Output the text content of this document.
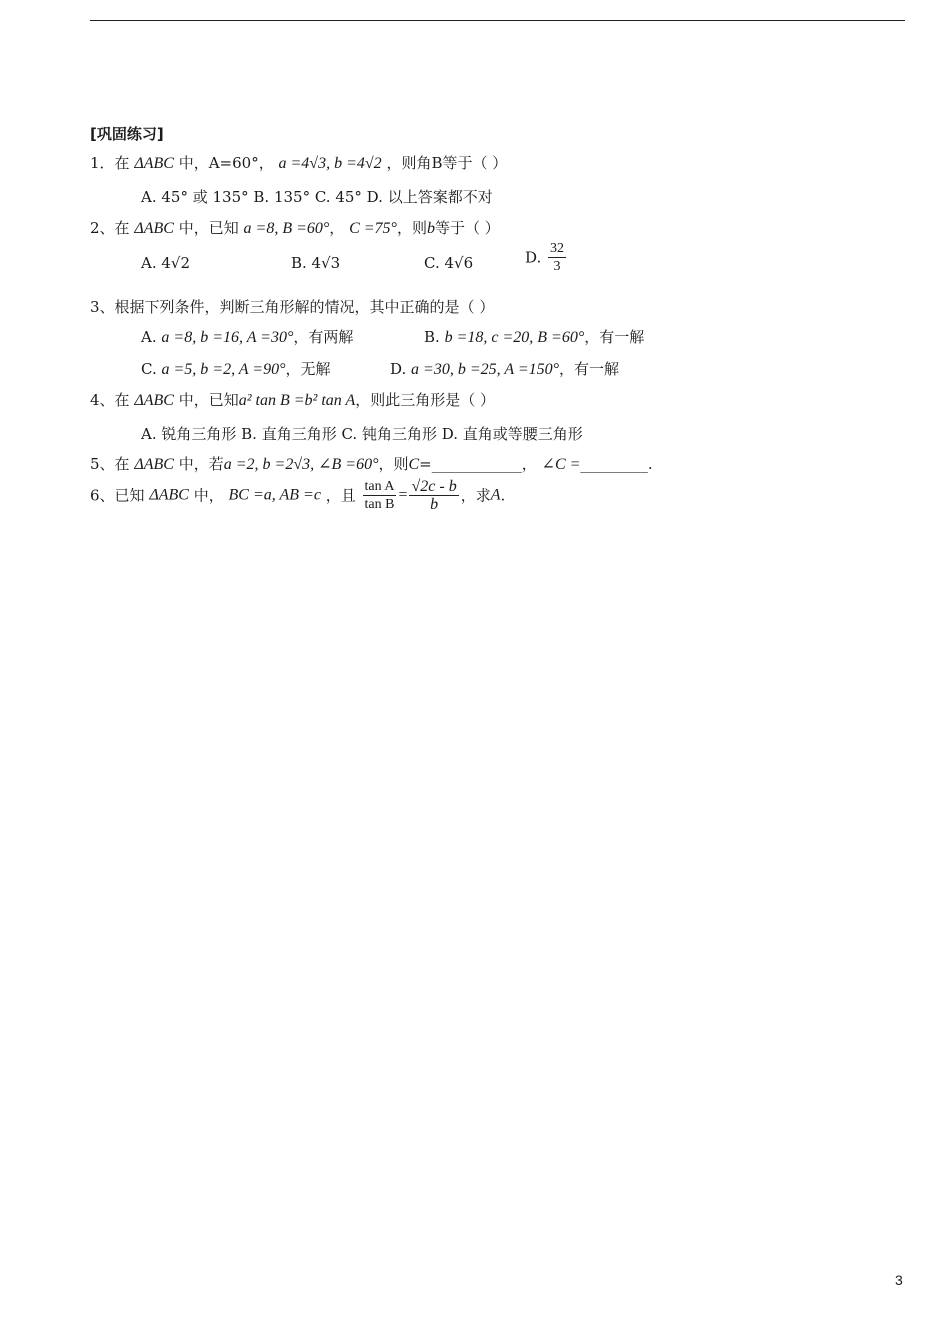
[巩固练习]
1．在 ΔABC 中，A=60°， a =4√3, b =4√2 ，则角B等于（ ）
A. 45° 或 135° B. 135° C. 45° D. 以上答案都不对
2、在 ΔABC 中，已知 a =8, B =60°， C =75°，则b等于（ ）
A. 4√2	B. 4√3	C. 4√6	D. $\frac{32}{3}$
3、根据下列条件，判断三角形解的情况，其中正确的是（ ）
A. a =8, b =16, A =30°，有两解	B. b =18, c =20, B =60°，有一解
C. a =5, b =2, A =90°，无解	D. a =30, b =25, A =150°，有一解
4、在 ΔABC 中，已知a² tan B =b² tan A，则此三角形是（ ）
A. 锐角三角形 B. 直角三角形 C. 钝角三角形 D. 直角或等腰三角形
5、在 ΔABC 中，若a =2, b =2√3, ∠B =60°，则C=____________， ∠C =_________.
6、已知 ΔABC 中， BC =a, AB =c ，且 $\frac{\text{tan A}}{\text{tan B}} = \frac{√2c - b}{b}$ ，求A.
3
